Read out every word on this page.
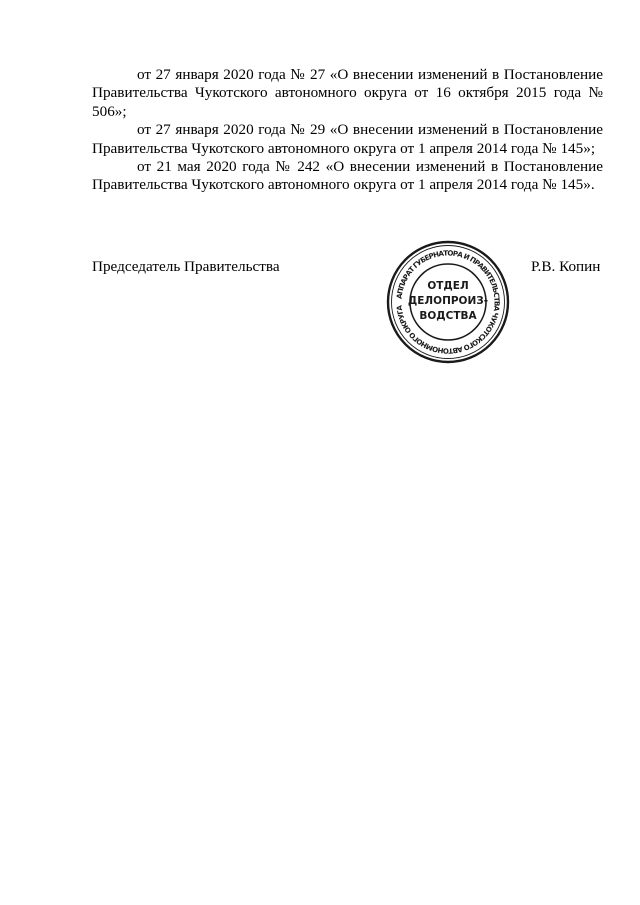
от 27 января 2020 года № 27 «О внесении изменений в Постановление Правительства Чукотского автономного округа от 16 октября 2015 года № 506»;

от 27 января 2020 года № 29 «О внесении изменений в Постановление Правительства Чукотского автономного округа от 1 апреля 2014 года № 145»;

от 21 мая 2020 года № 242 «О внесении изменений в Постановление Правительства Чукотского автономного округа от 1 апреля 2014 года № 145».

Председатель Правительства
АППАРАТ ГУБЕРНАТОРА И ПРАВИТЕЛЬСТВА ЧУКОТСКОГО АВТОНОМНОГО ОКРУГА
ОТДЕЛ
ДЕЛОПРОИЗ-
ВОДСТВА
Р.В. Копин
